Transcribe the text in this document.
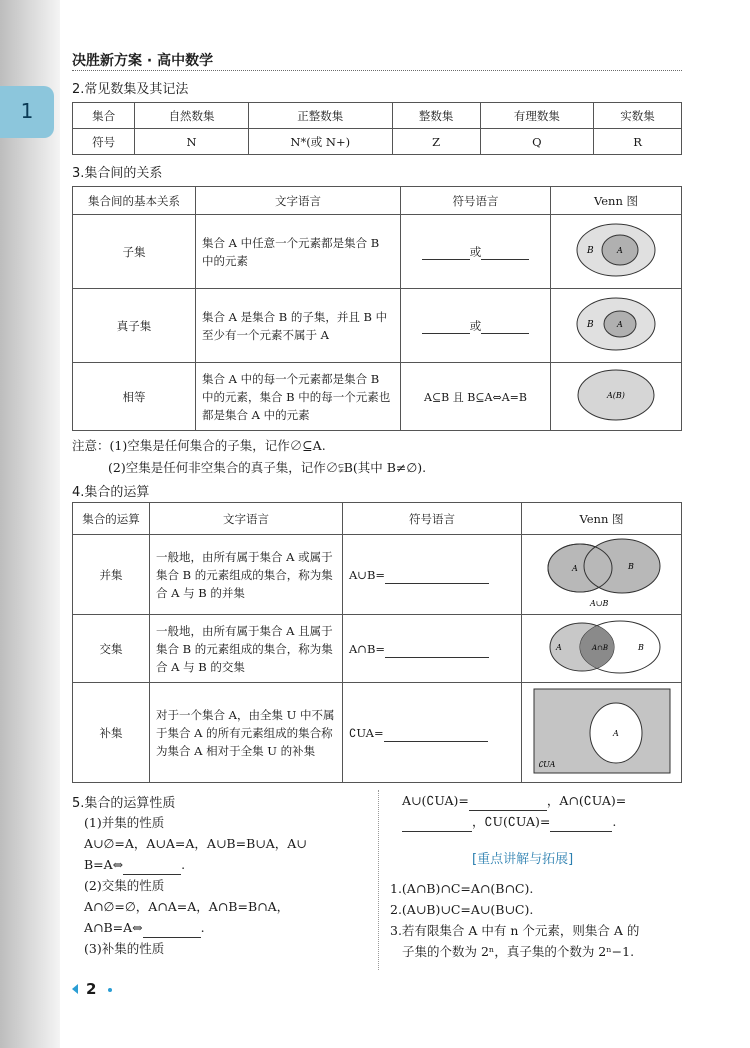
1
决胜新方案 · 高中数学
2.常见数集及其记法
集合	自然数集	正整数集	整数集	有理数集	实数集
符号	N	N*(或 N+)	Z	Q	R
3.集合间的关系
集合间的基本关系	文字语言	符号语言	Venn 图
子集	集合 A 中任意一个元素都是集合 B 中的元素	或	B A

真子集	集合 A 是集合 B 的子集，并且 B 中至少有一个元素不属于 A	或	B A

相等	集合 A 中的每一个元素都是集合 B 中的元素，集合 B 中的每一个元素也都是集合 A 中的元素	A⊆B 且 B⊆A⇔A=B	A(B)
注意：(1)空集是任何集合的子集，记作∅⊆A.
(2)空集是任何非空集合的真子集，记作∅⫋B(其中 B≠∅).
4.集合的运算
集合的运算	文字语言	符号语言	Venn 图
并集	一般地，由所有属于集合 A 或属于集合 B 的元素组成的集合，称为集合 A 与 B 的并集	A∪B=	A B
A∪B

交集	一般地，由所有属于集合 A 且属于集合 B 的元素组成的集合，称为集合 A 与 B 的交集	A∩B=	A A∩B B

补集	对于一个集合 A，由全集 U 中不属于集合 A 的所有元素组成的集合称为集合 A 相对于全集 U 的补集	∁UA=	A
∁UA
5.集合的运算性质
(1)并集的性质
A∪∅=A，A∪A=A，A∪B=B∪A，A∪
B=A⇔	.
(2)交集的性质
A∩∅=∅，A∩A=A，A∩B=B∩A，
A∩B=A⇔	.
(3)补集的性质
A∪(∁UA)=	，A∩(∁UA)=
，∁U(∁UA)=	.
[重点讲解与拓展]
1.(A∩B)∩C=A∩(B∩C).
2.(A∪B)∪C=A∪(B∪C).
3.若有限集合 A 中有 n 个元素，则集合 A 的
子集的个数为 2ⁿ，真子集的个数为 2ⁿ−1.
2
